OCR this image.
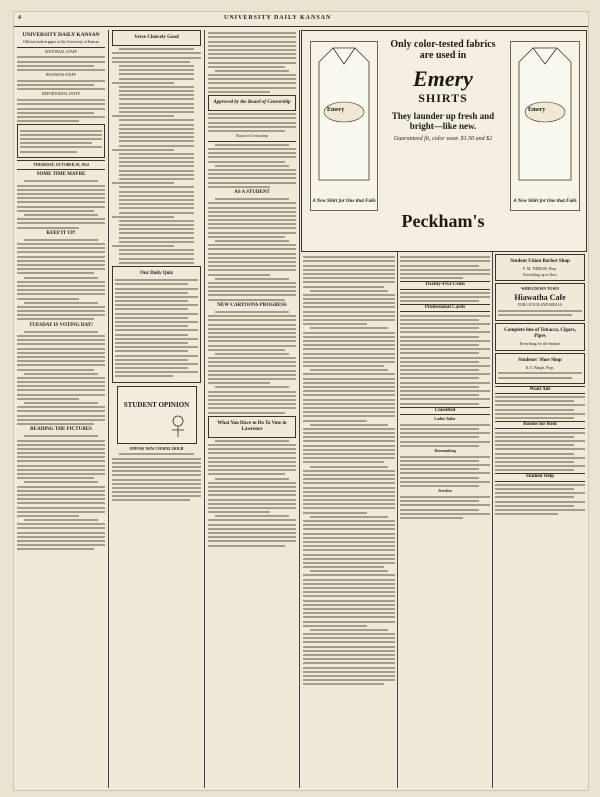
4	UNIVERSITY DAILY KANSAN
UNIVERSITY DAILY KANSAN
Official student paper of the University of Kansas
EDITORIAL STAFF
BUSINESS STAFF
REPORTORIAL STAFF
THURSDAY, OCTOBER 29, 1914
SOME TIME MAYBE
KEEP IT UP!
TUESDAY IS VOTING DAY!
READING THE PICTURES
Verse Choicely Good
Our Daily Quiz
STUDENT OPINION
OPPOSE NEW CHAPEL HOUR
Approved by the Board of Censorship
Board of Censorship
AS A STUDENT
NEW CARTOONS PROGRESS
What You Have to Do To Vote in Lawrence
Emery
A New Shirt for One that Fails
Only color-tested fabrics are used in
Emery
SHIRTS
They launder up fresh and bright—like new.
Guaranteed fit, color wear. $1.50 and $2
Emery
A New Shirt for One that Fails
Peckham's
Twenty-Five Cents
Professional Cards
Classified
Ladies Tailor
Dressmaking
Jewelers
Student Union Barber Shop
F. M. TIDROW, Prop.
Everything up to Now
WHEN DOWN TOWN
Hiawatha Cafe
FOR LUNCH AND MEALS
Complete line of Tobacco, Cigars, Pipes
Everything for the Smoker
Students' Shoe Shop
K.O. Barget, Prop.
Want Ads
Rooms for Rent
Student Help
